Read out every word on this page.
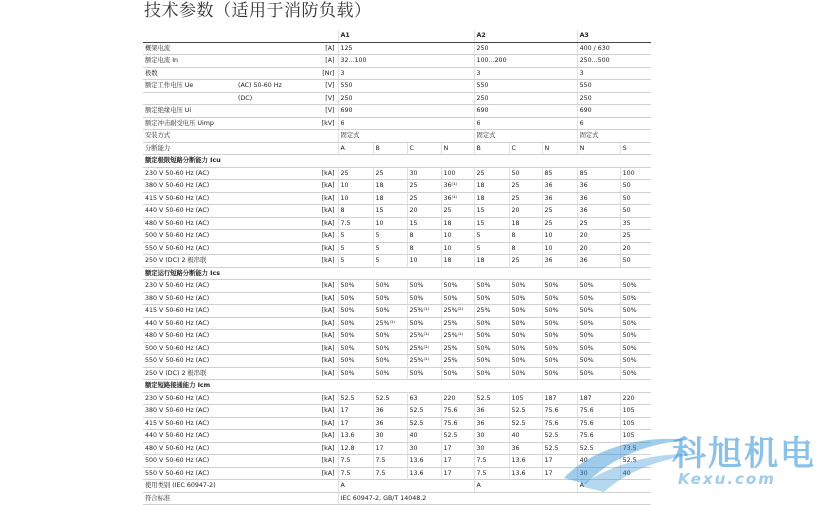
技术参数（适用于消防负载）
			A1				A2			A3	
概架电流		[A]	125				250			400 / 630	
额定电流 In		[A]	32...100				100...200			250...500	
极数		[Nr]	3				3			3	
额定工作电压 Ue	(AC) 50-60 Hz	[V]	550				550			550	
	(DC)	[V]	250				250			250	
额定绝缘电压 Ui		[V]	690				690			690	
额定冲击耐受电压 Uimp		[kV]	6				6			6	
安装方式			固定式				固定式			固定式	
分断能力			A	B	C	N	B	C	N	N	S
额定极限短路分断能力 Icu											
230 V 50-60 Hz (AC)		[kA]	25	25	30	100	25	50	85	85	100
380 V 50-60 Hz (AC)		[kA]	10	18	25	36⁽¹⁾	18	25	36	36	50
415 V 50-60 Hz (AC)		[kA]	10	18	25	36⁽¹⁾	18	25	36	36	50
440 V 50-60 Hz (AC)		[kA]	8	15	20	25	15	20	25	36	50
480 V 50-60 Hz (AC)		[kA]	7.5	10	15	18	15	18	25	25	35
500 V 50-60 Hz (AC)		[kA]	5	5	8	10	5	8	10	20	25
550 V 50-60 Hz (AC)		[kA]	5	5	8	10	5	8	10	20	20
250 V (DC) 2 极串联		[kA]	5	5	10	18	18	25	36	36	50
额定运行短路分断能力 Ics											
230 V 50-60 Hz (AC)		[kA]	50%	50%	50%	50%	50%	50%	50%	50%	50%
380 V 50-60 Hz (AC)		[kA]	50%	50%	50%	50%	50%	50%	50%	50%	50%
415 V 50-60 Hz (AC)		[kA]	50%	50%	25%⁽¹⁾	25%⁽²⁾	25%	50%	50%	50%	50%
440 V 50-60 Hz (AC)		[kA]	50%	25%⁽¹⁾	50%	25%	50%	50%	50%	50%	50%
480 V 50-60 Hz (AC)		[kA]	50%	50%	25%⁽¹⁾	25%⁽¹⁾	50%	50%	50%	50%	50%
500 V 50-60 Hz (AC)		[kA]	50%	50%	25%⁽¹⁾	25%	50%	50%	50%	50%	50%
550 V 50-60 Hz (AC)		[kA]	50%	50%	25%⁽¹⁾	25%	50%	50%	50%	50%	50%
250 V (DC) 2 极串联		[kA]	50%	50%	50%	50%	50%	50%	50%	50%	50%
额定短路接通能力 Icm											
230 V 50-60 Hz (AC)		[kA]	52.5	52.5	63	220	52.5	105	187	187	220
380 V 50-60 Hz (AC)		[kA]	17	36	52.5	75.6	36	52.5	75.6	75.6	105
415 V 50-60 Hz (AC)		[kA]	17	36	52.5	75.6	36	52.5	75.6	75.6	105
440 V 50-60 Hz (AC)		[kA]	13.6	30	40	52.5	30	40	52.5	75.6	105
480 V 50-60 Hz (AC)		[kA]	12.8	17	30	17	30	36	52.5	52.5	73.5
500 V 50-60 Hz (AC)		[kA]	7.5	7.5	13.6	17	7.5	13.6	17	40	52.5
550 V 50-60 Hz (AC)		[kA]	7.5	7.5	13.6	17	7.5	13.6	17	30	40
使用类别 (IEC 60947-2)			A				A			A	
符合标准			IEC 60947-2, GB/T 14048.2								
科旭机电
Kexu.com
